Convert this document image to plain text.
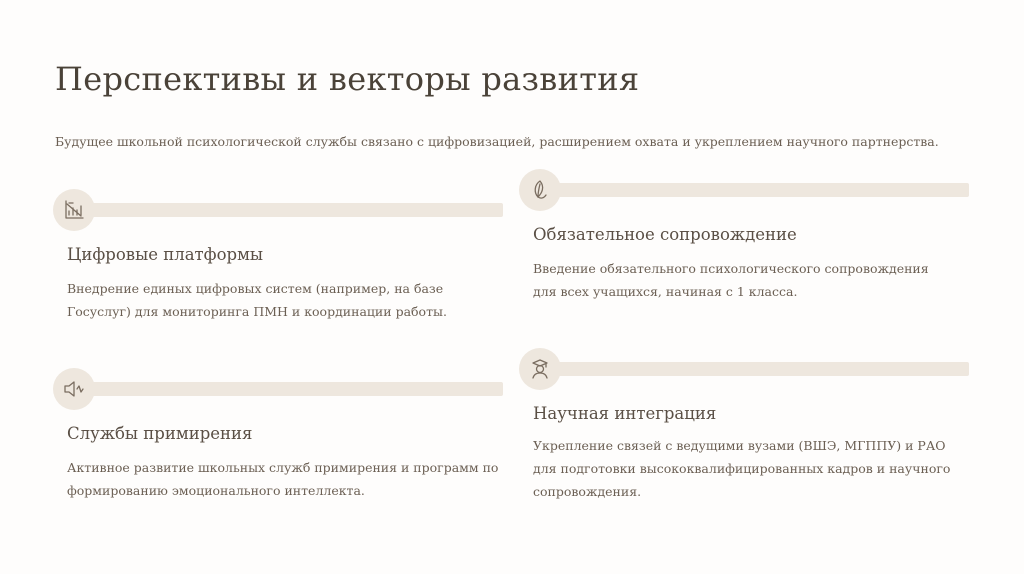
Перспективы и векторы развития
Будущее школьной психологической службы связано с цифровизацией, расширением охвата и укреплением научного партнерства.
Цифровые платформы
Внедрение единых цифровых систем (например, на базе Госуслуг) для мониторинга ПМН и координации работы.
Обязательное сопровождение
Введение обязательного психологического сопровождения для всех учащихся, начиная с 1 класса.
Службы примирения
Активное развитие школьных служб примирения и программ по формированию эмоционального интеллекта.
Научная интеграция
Укрепление связей с ведущими вузами (ВШЭ, МГППУ) и РАО для подготовки высококвалифицированных кадров и научного сопровождения.
